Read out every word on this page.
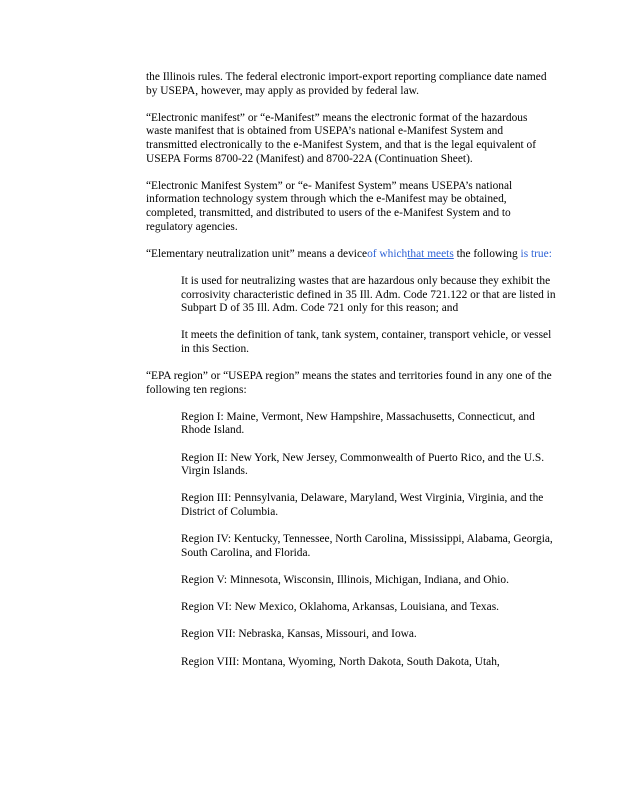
the Illinois rules. The federal electronic import-export reporting compliance date named by USEPA, however, may apply as provided by federal law.

“Electronic manifest” or “e-Manifest” means the electronic format of the hazardous waste manifest that is obtained from USEPA’s national e-Manifest System and transmitted electronically to the e-Manifest System, and that is the legal equivalent of USEPA Forms 8700-22 (Manifest) and 8700-22A (Continuation Sheet).

“Electronic Manifest System” or “e- Manifest System” means USEPA’s national information technology system through which the e-Manifest may be obtained, completed, transmitted, and distributed to users of the e-Manifest System and to regulatory agencies.

“Elementary neutralization unit” means a deviceof whichthat meets the following is true:

It is used for neutralizing wastes that are hazardous only because they exhibit the corrosivity characteristic defined in 35 Ill. Adm. Code 721.122 or that are listed in Subpart D of 35 Ill. Adm. Code 721 only for this reason; and

It meets the definition of tank, tank system, container, transport vehicle, or vessel in this Section.

“EPA region” or “USEPA region” means the states and territories found in any one of the following ten regions:

Region I: Maine, Vermont, New Hampshire, Massachusetts, Connecticut, and Rhode Island.

Region II: New York, New Jersey, Commonwealth of Puerto Rico, and the U.S. Virgin Islands.

Region III: Pennsylvania, Delaware, Maryland, West Virginia, Virginia, and the District of Columbia.

Region IV: Kentucky, Tennessee, North Carolina, Mississippi, Alabama, Georgia, South Carolina, and Florida.

Region V: Minnesota, Wisconsin, Illinois, Michigan, Indiana, and Ohio.

Region VI: New Mexico, Oklahoma, Arkansas, Louisiana, and Texas.

Region VII: Nebraska, Kansas, Missouri, and Iowa.

Region VIII: Montana, Wyoming, North Dakota, South Dakota, Utah,
